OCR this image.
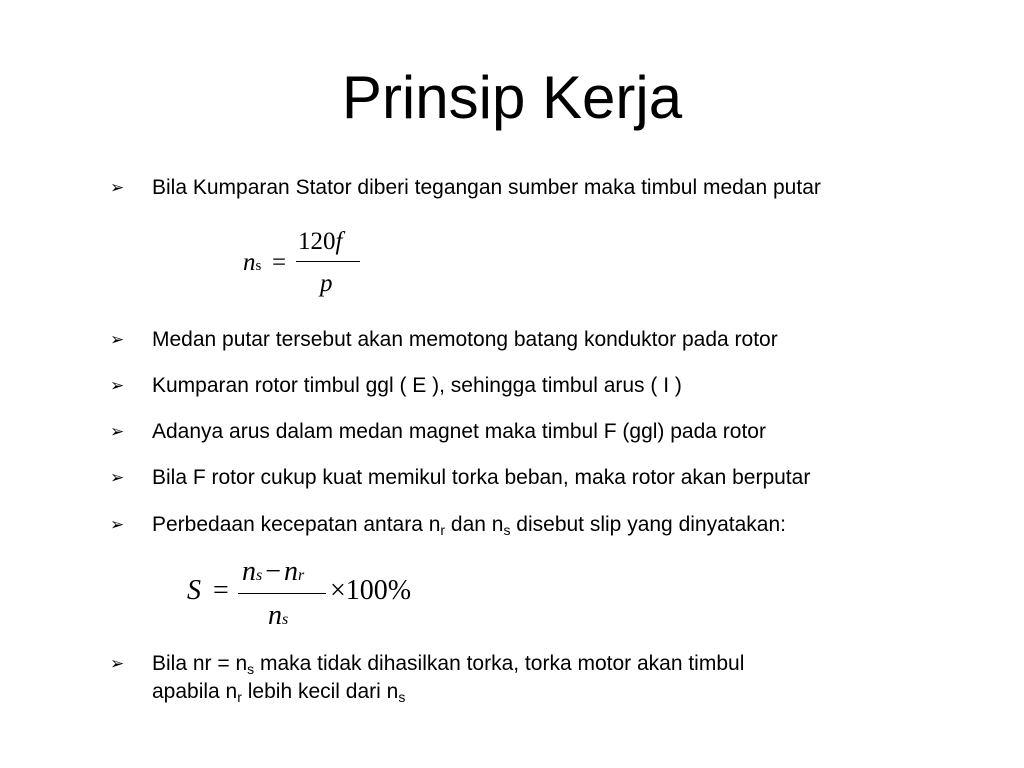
Prinsip Kerja
➢ Bila Kumparan Stator diberi tegangan sumber maka timbul medan putar
ns =
120f
p
➢ Medan putar tersebut akan memotong batang konduktor pada rotor
➢ Kumparan rotor timbul ggl ( E ), sehingga timbul arus ( I )
➢ Adanya arus dalam medan magnet maka timbul F (ggl) pada rotor
➢ Bila F rotor cukup kuat memikul torka beban, maka rotor akan berputar
➢ Perbedaan kecepatan antara $n_r$ dan $n_s$ disebut slip yang dinyatakan:
S =
ns − nr
ns
×100%
➢ Bila nr = $n_s$ maka tidak dihasilkan torka, torka motor akan timbul
apabila $n_r$ lebih kecil dari $n_s$
